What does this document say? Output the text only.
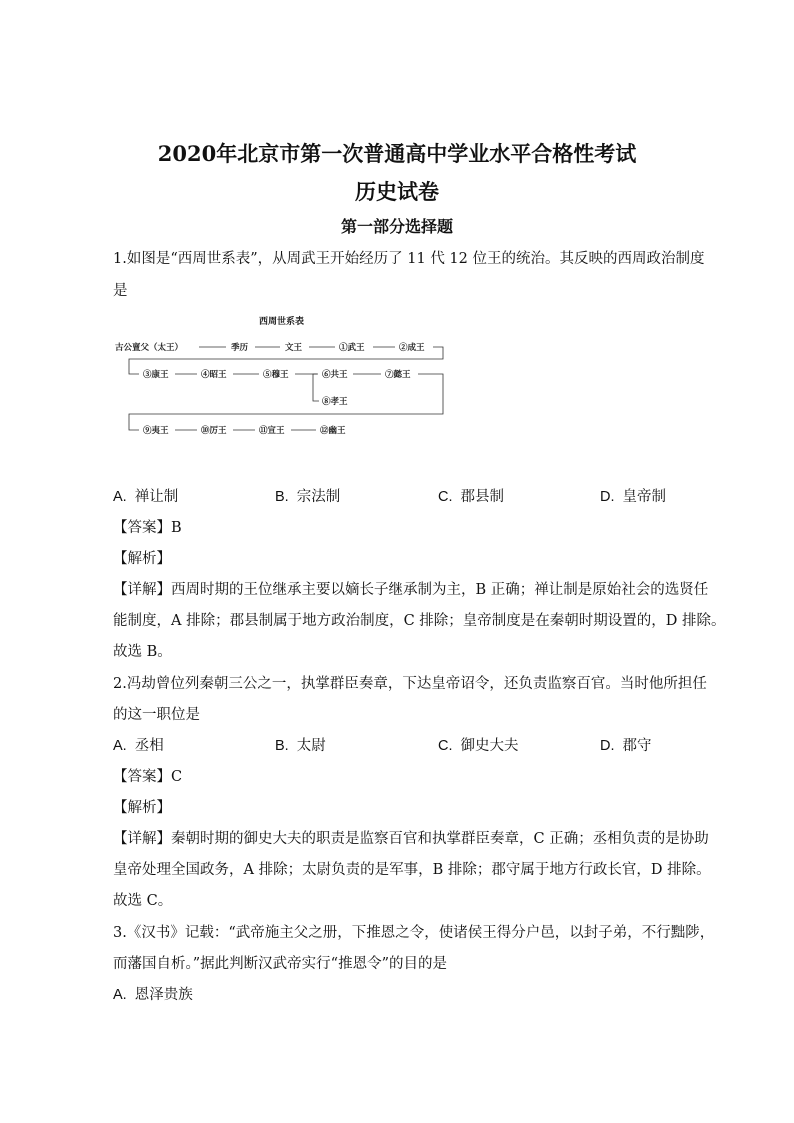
2020年北京市第一次普通高中学业水平合格性考试
历史试卷
第一部分选择题
1.如图是“西周世系表”，从周武王开始经历了 11 代 12 位王的统治。其反映的西周政治制度
是
西周世系表
古公亶父（太王）	季历	文王	①武王	②成王
③康王	④昭王	⑤穆王	⑥共王	⑦懿王
⑧孝王
⑨夷王	⑩厉王	⑪宣王	⑫幽王
A. 禅让制	B. 宗法制	C. 郡县制	D. 皇帝制
【答案】B
【解析】
【详解】西周时期的王位继承主要以嫡长子继承制为主，B 正确；禅让制是原始社会的选贤任
能制度，A 排除；郡县制属于地方政治制度，C 排除；皇帝制度是在秦朝时期设置的，D 排除。
故选 B。
2.冯劫曾位列秦朝三公之一，执掌群臣奏章，下达皇帝诏令，还负责监察百官。当时他所担任
的这一职位是
A. 丞相	B. 太尉	C. 御史大夫	D. 郡守
【答案】C
【解析】
【详解】秦朝时期的御史大夫的职责是监察百官和执掌群臣奏章，C 正确；丞相负责的是协助
皇帝处理全国政务，A 排除；太尉负责的是军事，B 排除；郡守属于地方行政长官，D 排除。
故选 C。
3.《汉书》记载：“武帝施主父之册，下推恩之令，使诸侯王得分户邑，以封子弟，不行黜陟，
而藩国自析。”据此判断汉武帝实行“推恩令”的目的是
A. 恩泽贵族
